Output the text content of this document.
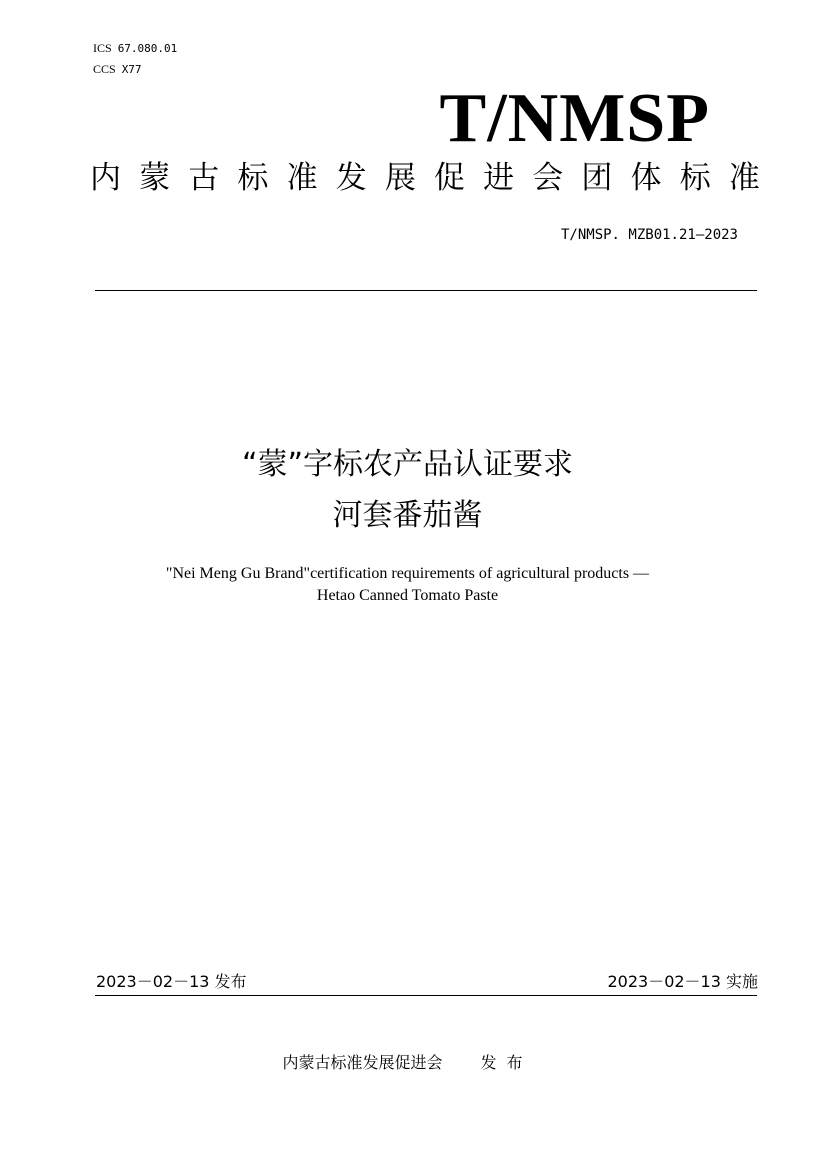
ICS 67.080.01
CCS X77
T/NMSP
内 蒙 古 标 准 发 展 促 进 会 团 体 标 准
T/NMSP. MZB01.21—2023
“蒙”字标农产品认证要求
河套番茄酱
"Nei Meng Gu Brand"certification requirements of agricultural products —
Hetao Canned Tomato Paste
2023－02－13 发布	2023－02－13 实施
内蒙古标准发展促进会 发布
